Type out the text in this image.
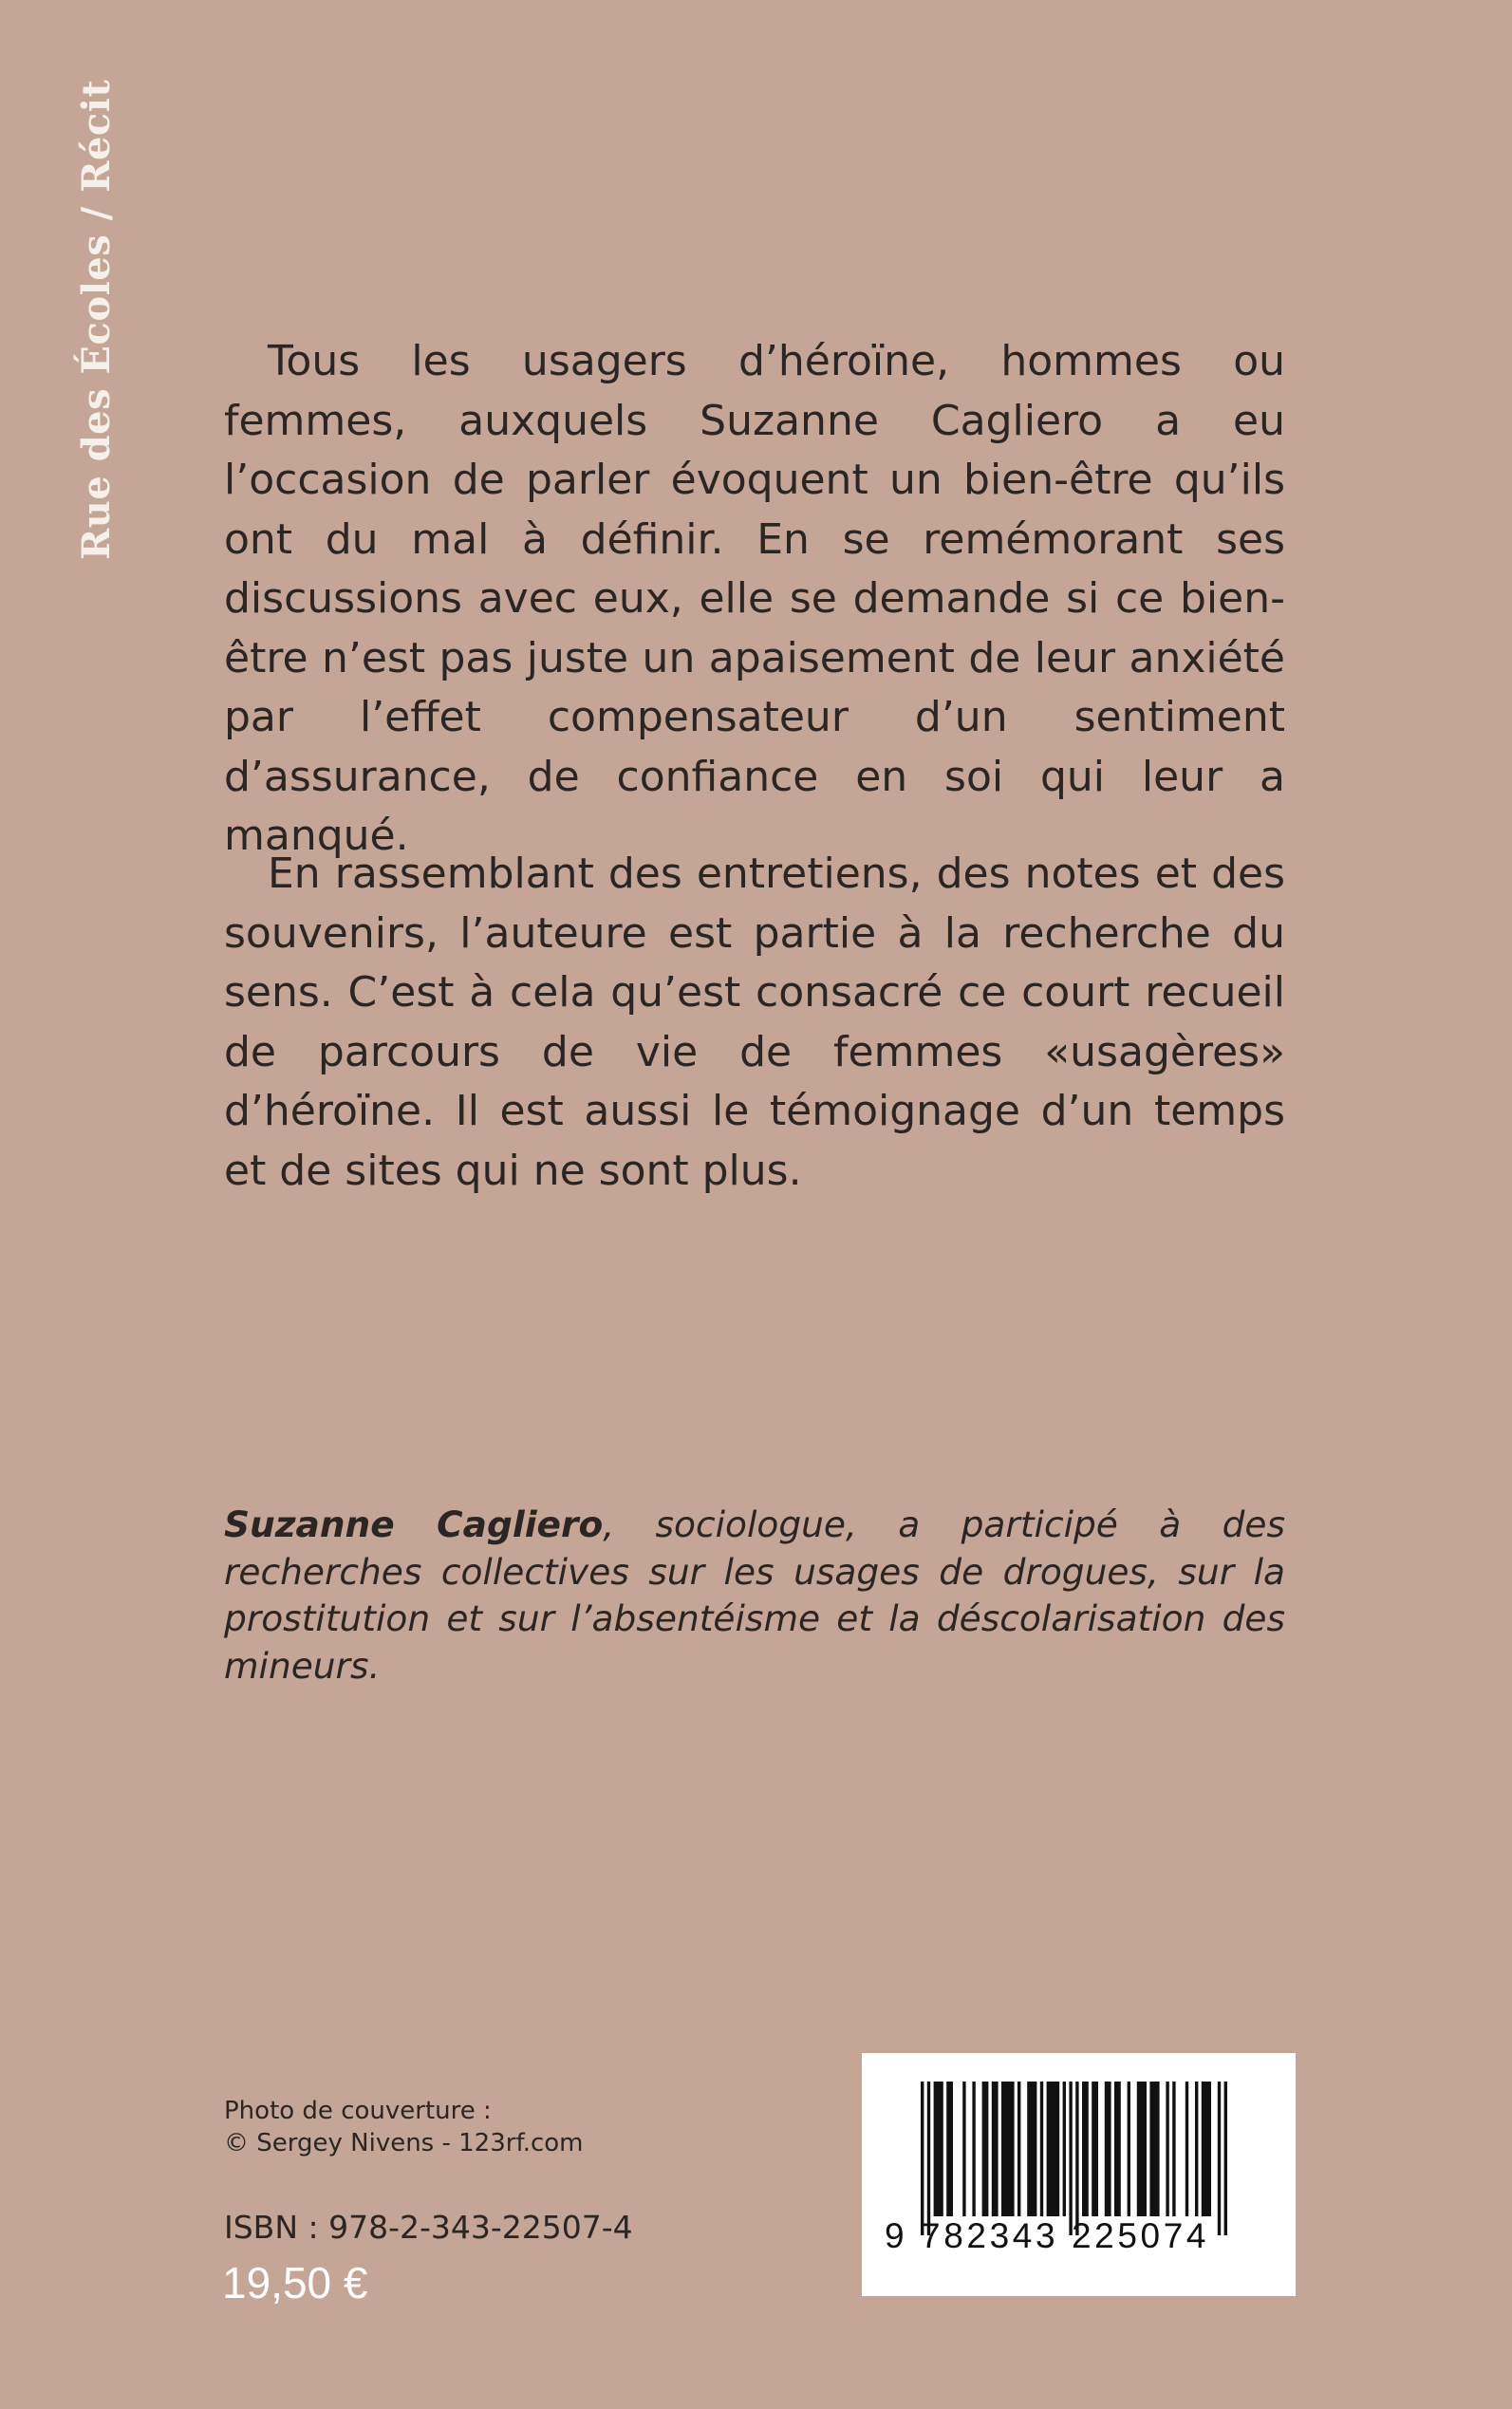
Rue des Écoles / Récit	Tous les usagers d’héroïne, hommes ou femmes, auxquels Suzanne Cagliero a eu l’occasion de parler évoquent un bien-être qu’ils ont du mal à définir. En se remémorant ses discussions avec eux, elle se demande si ce bien-être n’est pas juste un apaisement de leur anxiété par l’effet compensateur d’un sentiment d’assurance, de confiance en soi qui leur a manqué.

En rassemblant des entretiens, des notes et des souvenirs, l’auteure est partie à la recherche du sens. C’est à cela qu’est consacré ce court recueil de parcours de vie de femmes «usagères» d’héroïne. Il est aussi le témoignage d’un temps et de sites qui ne sont plus.

Suzanne Cagliero, sociologue, a participé à des recherches collectives sur les usages de drogues, sur la prostitution et sur l’absentéisme et la déscolarisation des mineurs.
Photo de couverture :
© Sergey Nivens - 123rf.com
ISBN : 978-2-343-22507-4
19,50 €
9 782343 225074
